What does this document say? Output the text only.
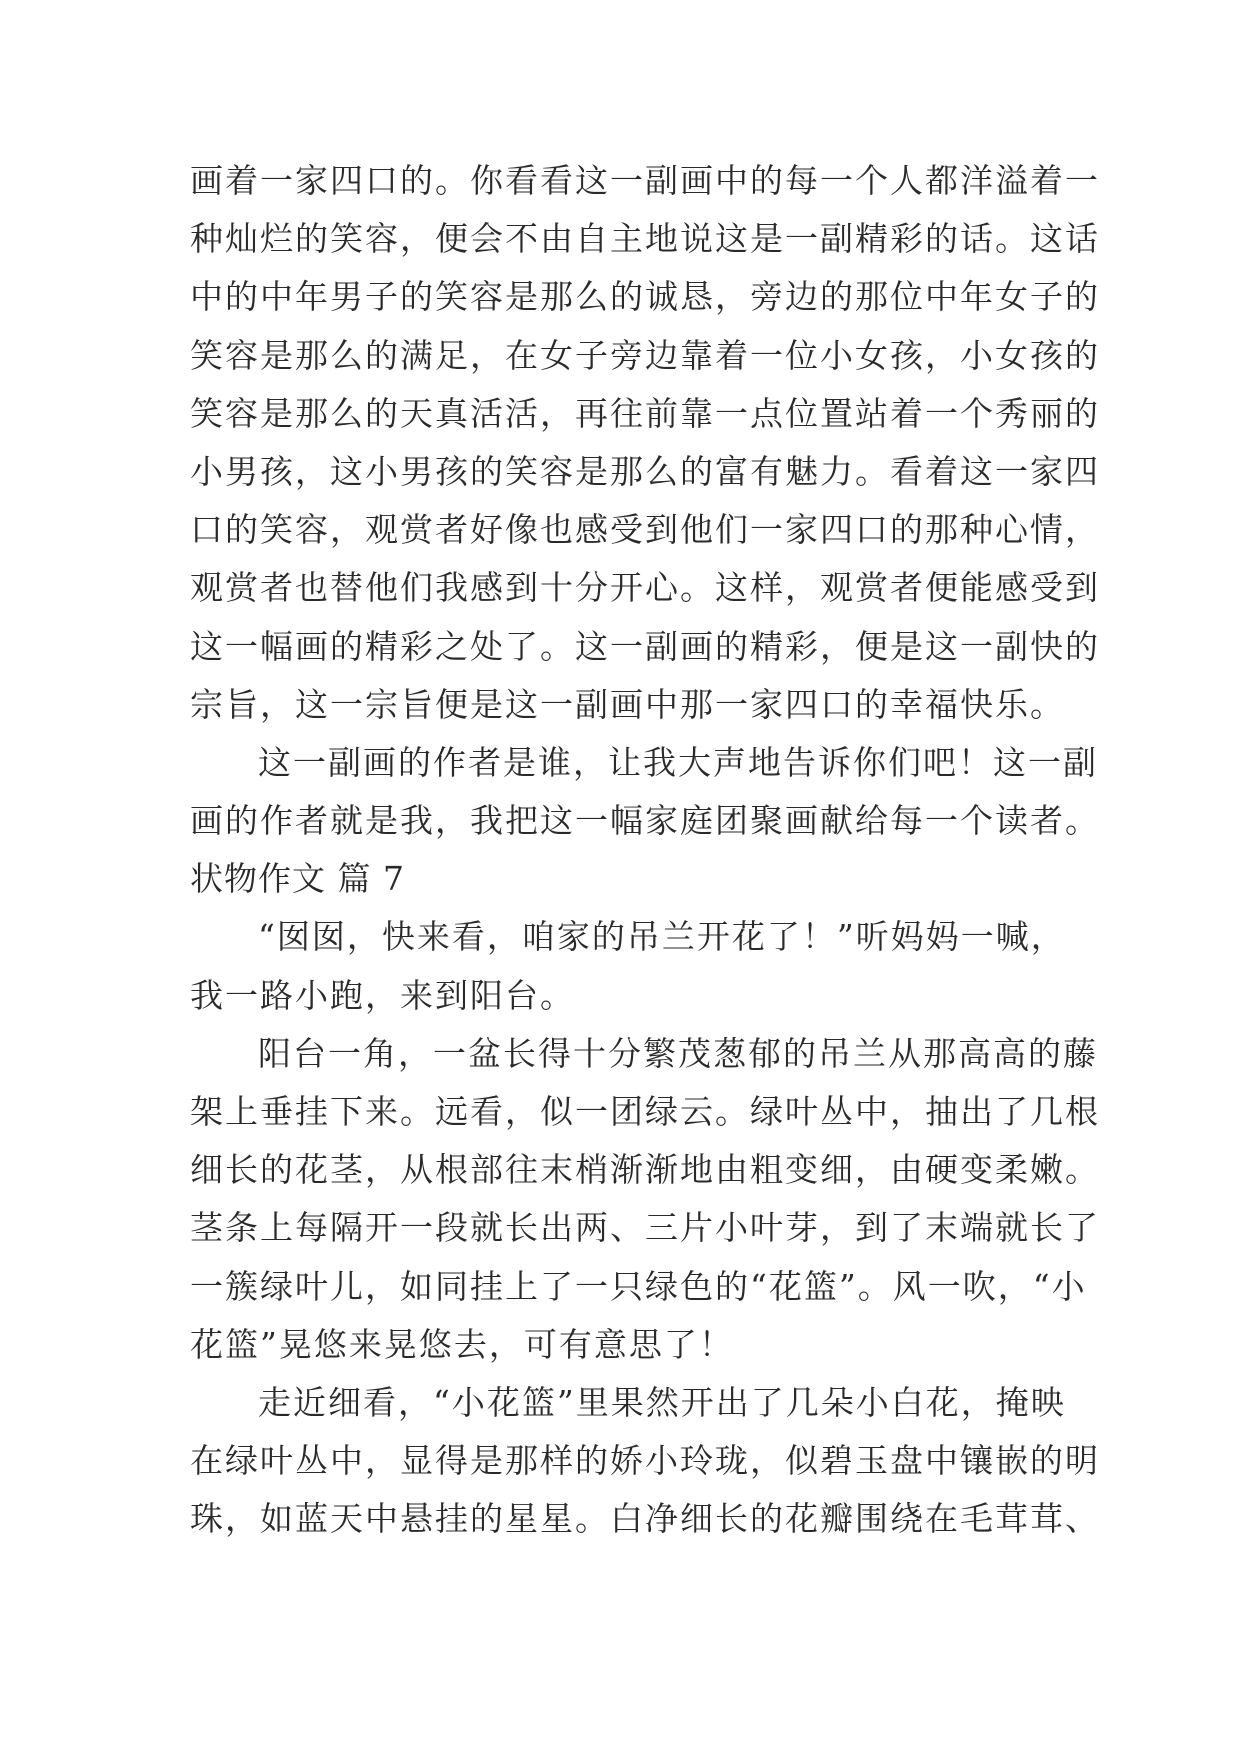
画着一家四口的。你看看这一副画中的每一个人都洋溢着一
种灿烂的笑容，便会不由自主地说这是一副精彩的话。这话
中的中年男子的笑容是那么的诚恳，旁边的那位中年女子的
笑容是那么的满足，在女子旁边靠着一位小女孩，小女孩的
笑容是那么的天真活活，再往前靠一点位置站着一个秀丽的
小男孩，这小男孩的笑容是那么的富有魅力。看着这一家四
口的笑容，观赏者好像也感受到他们一家四口的那种心情，
观赏者也替他们我感到十分开心。这样，观赏者便能感受到
这一幅画的精彩之处了。这一副画的精彩，便是这一副快的
宗旨，这一宗旨便是这一副画中那一家四口的幸福快乐。
这一副画的作者是谁，让我大声地告诉你们吧！这一副
画的作者就是我，我把这一幅家庭团聚画献给每一个读者。
状物作文 篇 7
“囡囡，快来看，咱家的吊兰开花了！”听妈妈一喊，
我一路小跑，来到阳台。
阳台一角，一盆长得十分繁茂葱郁的吊兰从那高高的藤
架上垂挂下来。远看，似一团绿云。绿叶丛中，抽出了几根
细长的花茎，从根部往末梢渐渐地由粗变细，由硬变柔嫩。
茎条上每隔开一段就长出两、三片小叶芽，到了末端就长了
一簇绿叶儿，如同挂上了一只绿色的“花篮”。风一吹，“小
花篮”晃悠来晃悠去，可有意思了！
走近细看，“小花篮”里果然开出了几朵小白花，掩映
在绿叶丛中，显得是那样的娇小玲珑，似碧玉盘中镶嵌的明
珠，如蓝天中悬挂的星星。白净细长的花瓣围绕在毛茸茸、
